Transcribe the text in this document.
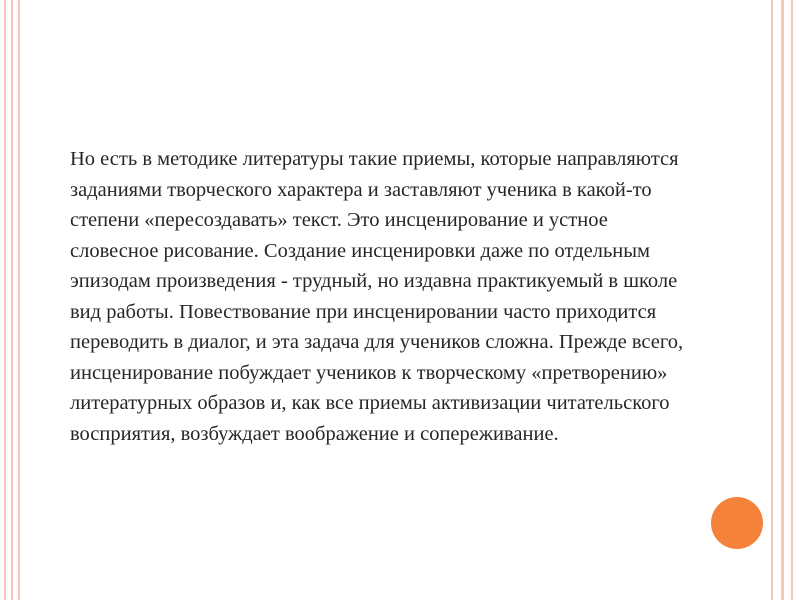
Но есть в методике литературы такие приемы, которые направляются заданиями творческого характера и заставляют ученика в какой-то степени «пересоздавать» текст. Это инсценирование и устное словесное рисование. Создание инсценировки даже по отдельным эпизодам произведения - трудный, но издавна практикуемый в школе вид работы. Повествование при инсценировании часто приходится переводить в диалог, и эта задача для учеников сложна. Прежде всего, инсценирование побуждает учеников к творческому «претворению» литературных образов и, как все приемы активизации читательского восприятия, возбуждает воображение и сопереживание.
